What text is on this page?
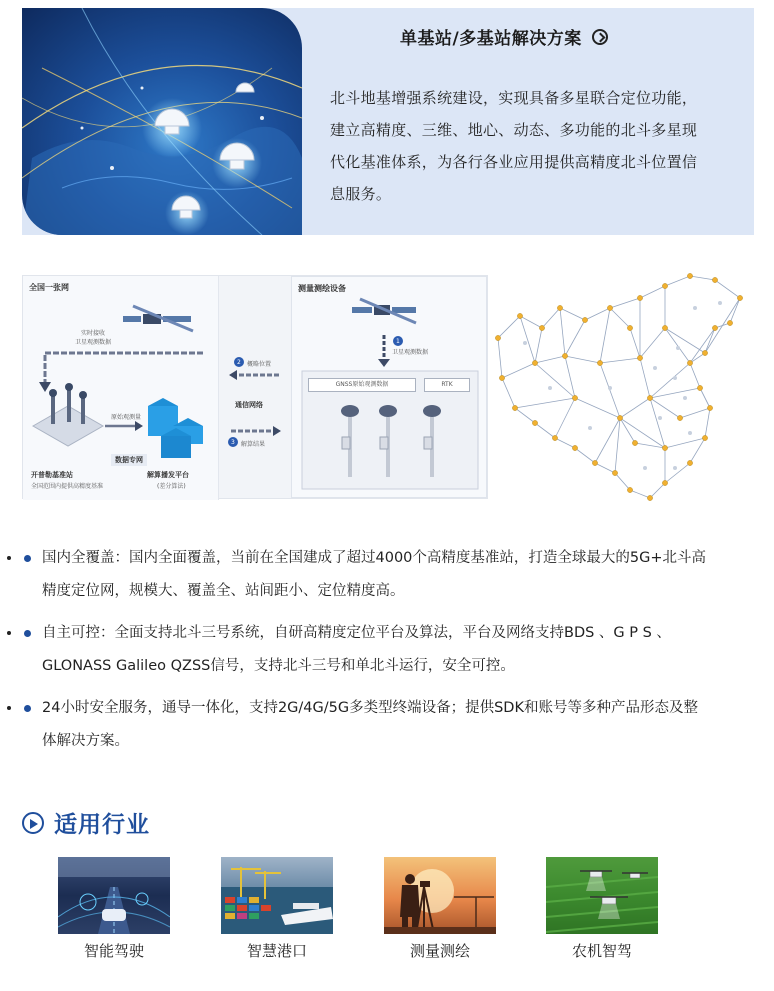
单基站/多基站解决方案

北斗地基增强系统建设，实现具备多星联合定位功能，建立高精度、三维、地心、动态、多功能的北斗多星现代化基准体系，为各行各业应用提供高精度北斗位置信息服务。

全国一张网
实时接收
卫星观测数据
原始观测量
数据专网
开普勒基准站
全国范围内提供高精度基准
解算播发平台
(差分算法)
2 概略位置
通信网络
3 解算结果
测量测绘设备
1
卫星观测数据
GNSS原始观测数据	RTK
• 国内全覆盖：国内全面覆盖，当前在全国建成了超过4000个高精度基准站，打造全球最大的5G+北斗高精度定位网，规模大、覆盖全、站间距小、定位精度高。
• 自主可控：全面支持北斗三号系统，自研高精度定位平台及算法，平台及网络支持BDS 、G P S 、GLONASS Galileo QZSS信号，支持北斗三号和单北斗运行，安全可控。
• 24小时安全服务，通导一体化，支持2G/4G/5G多类型终端设备；提供SDK和账号等多种产品形态及整体解决方案。
适用行业
智能驾驶	智慧港口	测量测绘	农机智驾
